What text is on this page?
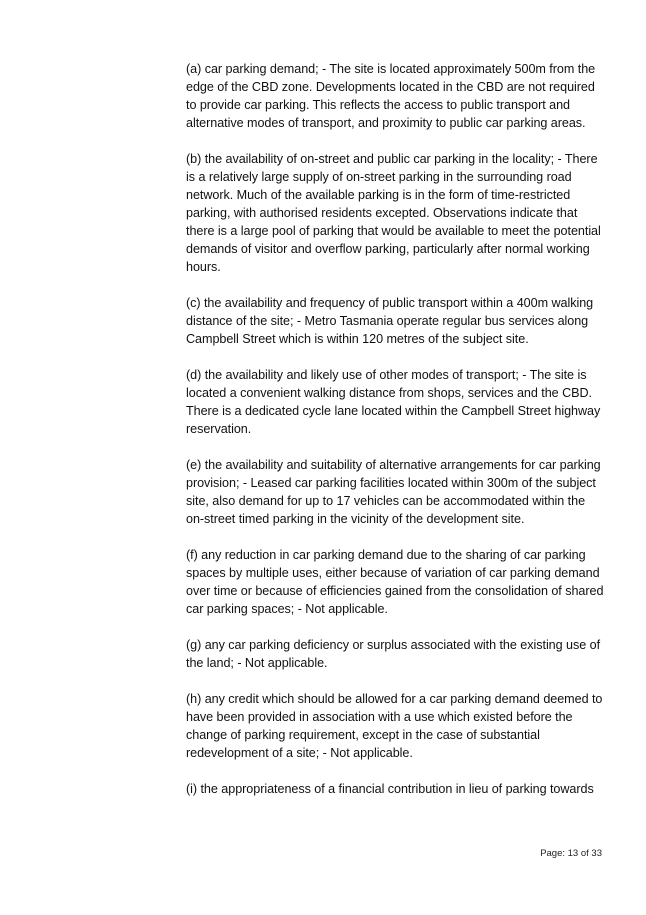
(a) car parking demand; - The site is located approximately 500m from the edge of the CBD zone. Developments located in the CBD are not required to provide car parking. This reflects the access to public transport and alternative modes of transport, and proximity to public car parking areas.

(b) the availability of on-street and public car parking in the locality; - There is a relatively large supply of on-street parking in the surrounding road network. Much of the available parking is in the form of time-restricted parking, with authorised residents excepted. Observations indicate that there is a large pool of parking that would be available to meet the potential demands of visitor and overflow parking, particularly after normal working hours.

(c) the availability and frequency of public transport within a 400m walking distance of the site; - Metro Tasmania operate regular bus services along Campbell Street which is within 120 metres of the subject site.

(d) the availability and likely use of other modes of transport; - The site is located a convenient walking distance from shops, services and the CBD. There is a dedicated cycle lane located within the Campbell Street highway reservation.

(e) the availability and suitability of alternative arrangements for car parking provision; - Leased car parking facilities located within 300m of the subject site, also demand for up to 17 vehicles can be accommodated within the on-street timed parking in the vicinity of the development site.

(f) any reduction in car parking demand due to the sharing of car parking spaces by multiple uses, either because of variation of car parking demand over time or because of efficiencies gained from the consolidation of shared car parking spaces; - Not applicable.

(g) any car parking deficiency or surplus associated with the existing use of the land; - Not applicable.

(h) any credit which should be allowed for a car parking demand deemed to have been provided in association with a use which existed before the change of parking requirement, except in the case of substantial redevelopment of a site; - Not applicable.

(i) the appropriateness of a financial contribution in lieu of parking towards

Page: 13 of 33
